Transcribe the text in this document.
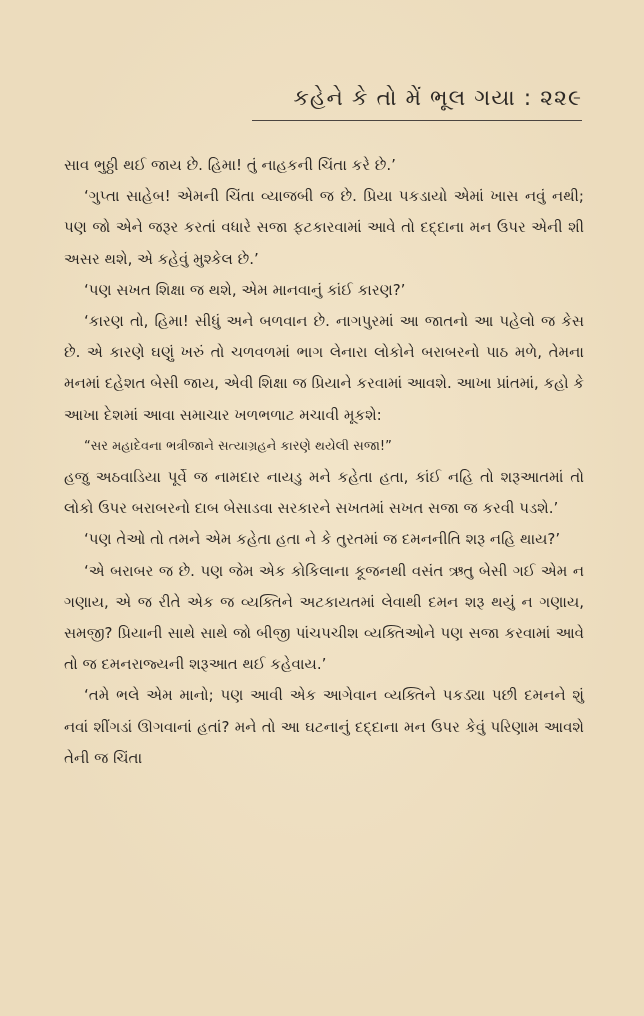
કહેને કે તો મેં ભૂલ ગયા : ૨૨૯

સાવ ભુઠ્ઠી થઈ જાય છે. હિમા! તું નાહકની ચિંતા કરે છે.’

‘ગુપ્તા સાહેબ! એમની ચિંતા વ્યાજબી જ છે. પ્રિયા પકડાયો એમાં ખાસ નવું નથી; પણ જો એને જરૂર કરતાં વધારે સજા ફટકારવામાં આવે તો દદ્દાના મન ઉપર એની શી અસર થશે, એ કહેવું મુશ્કેલ છે.’

‘પણ સખત શિક્ષા જ થશે, એમ માનવાનું કાંઈ કારણ?’

‘કારણ તો, હિમા! સીધું અને બળવાન છે. નાગપુરમાં આ જાતનો આ પહેલો જ કેસ છે. એ કારણે ઘણું ખરું તો ચળવળમાં ભાગ લેનારા લોકોને બરાબરનો પાઠ મળે, તેમના મનમાં દહેશત બેસી જાય, એવી શિક્ષા જ પ્રિયાને કરવામાં આવશે. આખા પ્રાંતમાં, કહો કે આખા દેશમાં આવા સમાચાર ખળભળાટ મચાવી મૂકશે:

“સર મહાદેવના ભત્રીજાને સત્યાગ્રહને કારણે થયેલી સજા!”

હજુ અઠવાડિયા પૂર્વે જ નામદાર નાયડુ મને કહેતા હતા, કાંઈ નહિ તો શરૂઆતમાં તો લોકો ઉપર બરાબરનો દાબ બેસાડવા સરકારને સખતમાં સખત સજા જ કરવી પડશે.’

‘પણ તેઓ તો તમને એમ કહેતા હતા ને કે તુરતમાં જ દમનનીતિ શરૂ નહિ થાય?’

‘એ બરાબર જ છે. પણ જેમ એક કોકિલાના કૂજનથી વસંત ઋતુ બેસી ગઈ એમ ન ગણાય, એ જ રીતે એક જ વ્યક્તિને અટકાયતમાં લેવાથી દમન શરૂ થયું ન ગણાય, સમજી? પ્રિયાની સાથે સાથે જો બીજી પાંચપચીશ વ્યક્તિઓને પણ સજા કરવામાં આવે તો જ દમનરાજ્યની શરૂઆત થઈ કહેવાય.’

‘તમે ભલે એમ માનો; પણ આવી એક આગેવાન વ્યક્તિને પકડ્યા પછી દમનને શું નવાં શીંગડાં ઊગવાનાં હતાં? મને તો આ ઘટનાનું દદ્દાના મન ઉપર કેવું પરિણામ આવશે તેની જ ચિંતા
